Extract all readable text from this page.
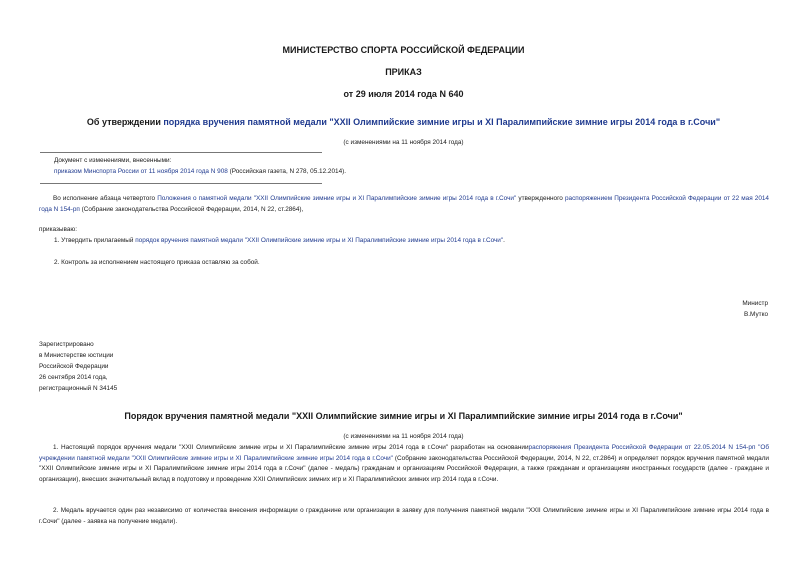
МИНИСТЕРСТВО СПОРТА РОССИЙСКОЙ ФЕДЕРАЦИИ
ПРИКАЗ
от 29 июля 2014 года N 640
Об утверждении порядка вручения памятной медали "XXII Олимпийские зимние игры и XI Паралимпийские зимние игры 2014 года в г.Сочи"
(с изменениями на 11 ноября 2014 года)
Документ с изменениями, внесенными:
приказом Минспорта России от 11 ноября 2014 года N 908 (Российская газета, N 278, 05.12.2014).
Во исполнение абзаца четвертого Положения о памятной медали "XXII Олимпийские зимние игры и XI Паралимпийские зимние игры 2014 года в г.Сочи" утвержденного распоряжением Президента Российской Федерации от 22 мая 2014 года N 154-рп (Собрание законодательства Российской Федерации, 2014, N 22, ст.2864),
приказываю:
1. Утвердить прилагаемый порядок вручения памятной медали "XXII Олимпийские зимние игры и XI Паралимпийские зимние игры 2014 года в г.Сочи".
2. Контроль за исполнением настоящего приказа оставляю за собой.
Министр
В.Мутко
Зарегистрировано
в Министерстве юстиции
Российской Федерации
26 сентября 2014 года,
регистрационный N 34145
Порядок вручения памятной медали "XXII Олимпийские зимние игры и XI Паралимпийские зимние игры 2014 года в г.Сочи"
(с изменениями на 11 ноября 2014 года)
1. Настоящий порядок вручения медали "XXII Олимпийские зимние игры и XI Паралимпийские зимние игры 2014 года в г.Сочи" разработан на основаниираспоряжения Президента Российской Федерации от 22.05.2014 N 154-рп "Об учреждении памятной медали "XXII Олимпийские зимние игры и XI Паралимпийские зимние игры 2014 года в г.Сочи" (Собрание законодательства Российской Федерации, 2014, N 22, ст.2864) и определяет порядок вручения памятной медали "XXII Олимпийские зимние игры и XI Паралимпийские зимние игры 2014 года в г.Сочи" (далее - медаль) гражданам и организациям Российской Федерации, а также гражданам и организациям иностранных государств (далее - граждане и организации), внесших значительный вклад в подготовку и проведение XXII Олимпийских зимних игр и XI Паралимпийских зимних игр 2014 года в г.Сочи.
2. Медаль вручается один раз независимо от количества внесения информации о гражданине или организации в заявку для получения памятной медали "XXII Олимпийские зимние игры и XI Паралимпийские зимние игры 2014 года в г.Сочи" (далее - заявка на получение медали).
